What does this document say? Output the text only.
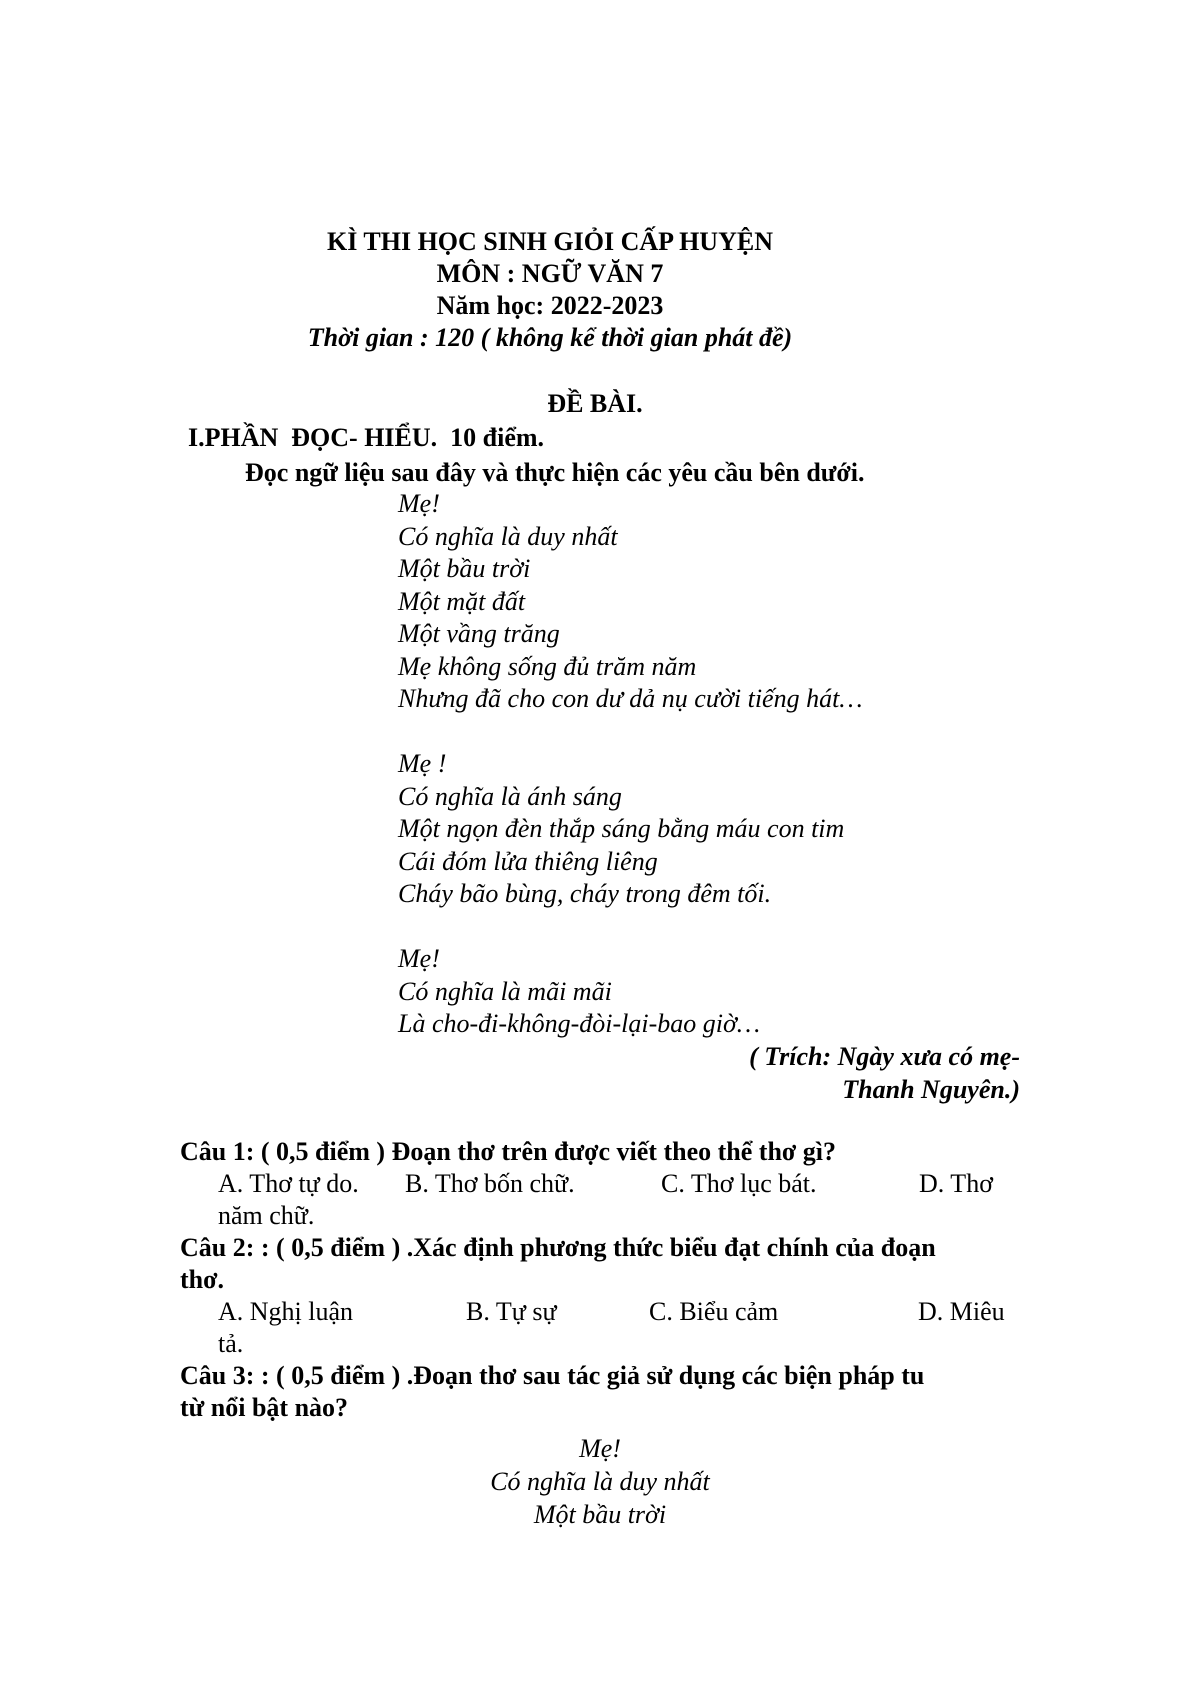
KÌ THI HỌC SINH GIỎI CẤP HUYỆN
MÔN : NGỮ VĂN 7
Năm học: 2022-2023
Thời gian : 120 ( không kể thời gian phát đề)
ĐỀ BÀI.
I.PHẦN  ĐỌC- HIỂU.  10 điểm.
Đọc ngữ liệu sau đây và thực hiện các yêu cầu bên dưới.
Mẹ!
Có nghĩa là duy nhất
Một bầu trời
Một mặt đất
Một vầng trăng
Mẹ không sống đủ trăm năm
Nhưng đã cho con dư dả nụ cười tiếng hát…
Mẹ !
Có nghĩa là ánh sáng
Một ngọn đèn thắp sáng bằng máu con tim
Cái đóm lửa thiêng liêng
Cháy bão bùng, cháy trong đêm tối.
Mẹ!
Có nghĩa là mãi mãi
Là cho-đi-không-đòi-lại-bao giờ…
( Trích: Ngày xưa có mẹ-
Thanh Nguyên.)
Câu 1: ( 0,5 điểm ) Đoạn thơ trên được viết theo thể thơ gì?
A. Thơ tự do. B. Thơ bốn chữ.	C. Thơ lục bát.	D. Thơ
năm chữ.
Câu 2: : ( 0,5 điểm ) .Xác định phương thức biểu đạt chính của đoạn
thơ.
A. Nghị luận	B. Tự sự	C. Biểu cảm	D. Miêu
tả.
Câu 3: : ( 0,5 điểm ) .Đoạn thơ sau tác giả sử dụng các biện pháp tu
từ nổi bật nào?
Mẹ!
Có nghĩa là duy nhất
Một bầu trời
